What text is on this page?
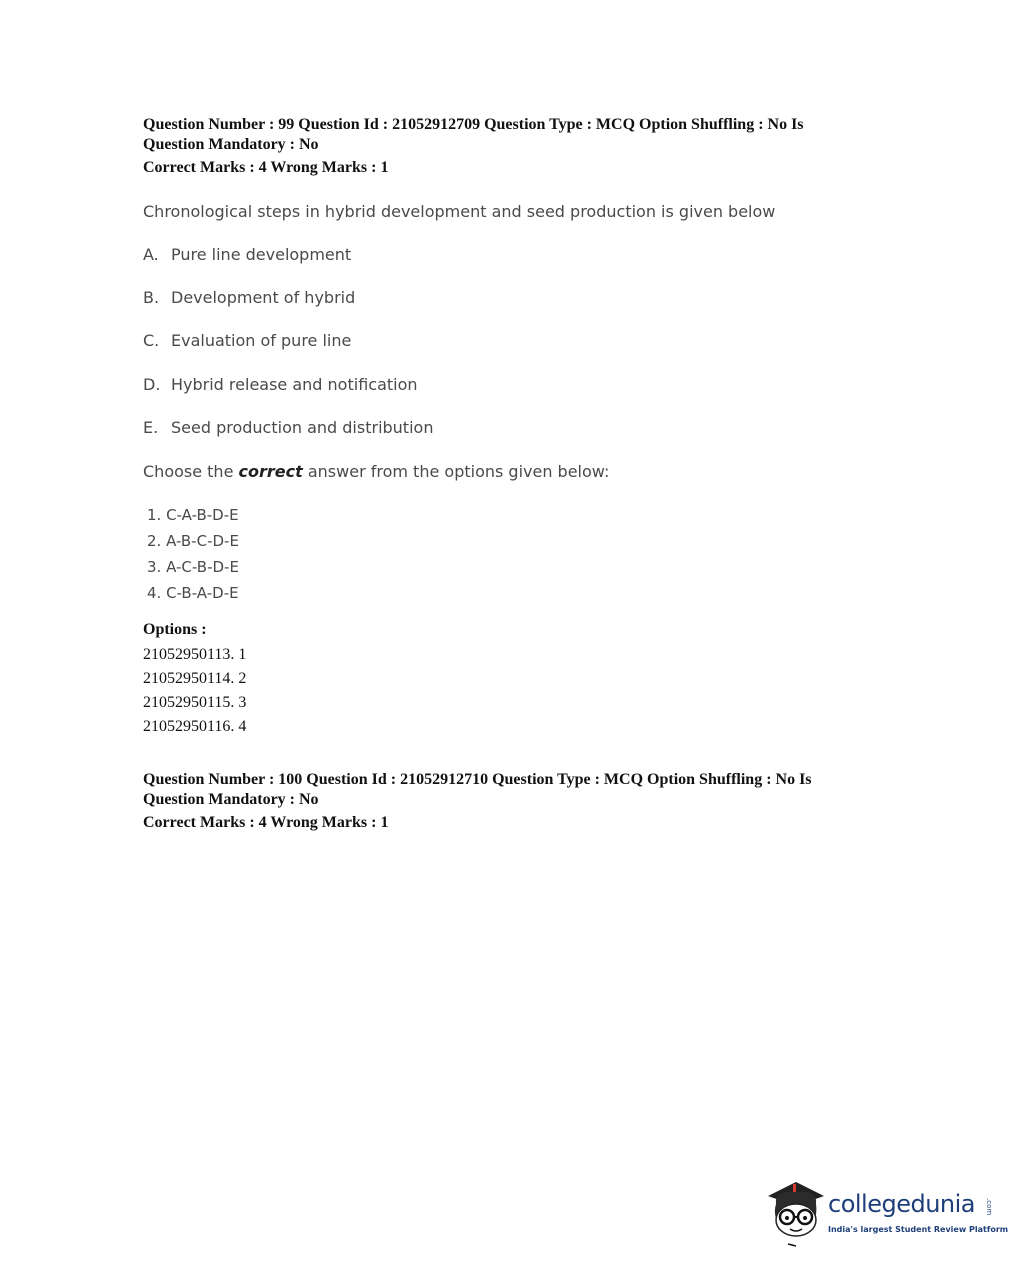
Question Number : 99 Question Id : 21052912709 Question Type : MCQ Option Shuffling : No Is
Question Mandatory : No
Correct Marks : 4 Wrong Marks : 1
Chronological steps in hybrid development and seed production is given below
A. Pure line development
B. Development of hybrid
C. Evaluation of pure line
D. Hybrid release and notification
E. Seed production and distribution
Choose the correct answer from the options given below:
1. C-A-B-D-E
2. A-B-C-D-E
3. A-C-B-D-E
4. C-B-A-D-E
Options :
21052950113. 1
21052950114. 2
21052950115. 3
21052950116. 4
Question Number : 100 Question Id : 21052912710 Question Type : MCQ Option Shuffling : No Is
Question Mandatory : No
Correct Marks : 4 Wrong Marks : 1
collegedunia .com
India's largest Student Review Platform
